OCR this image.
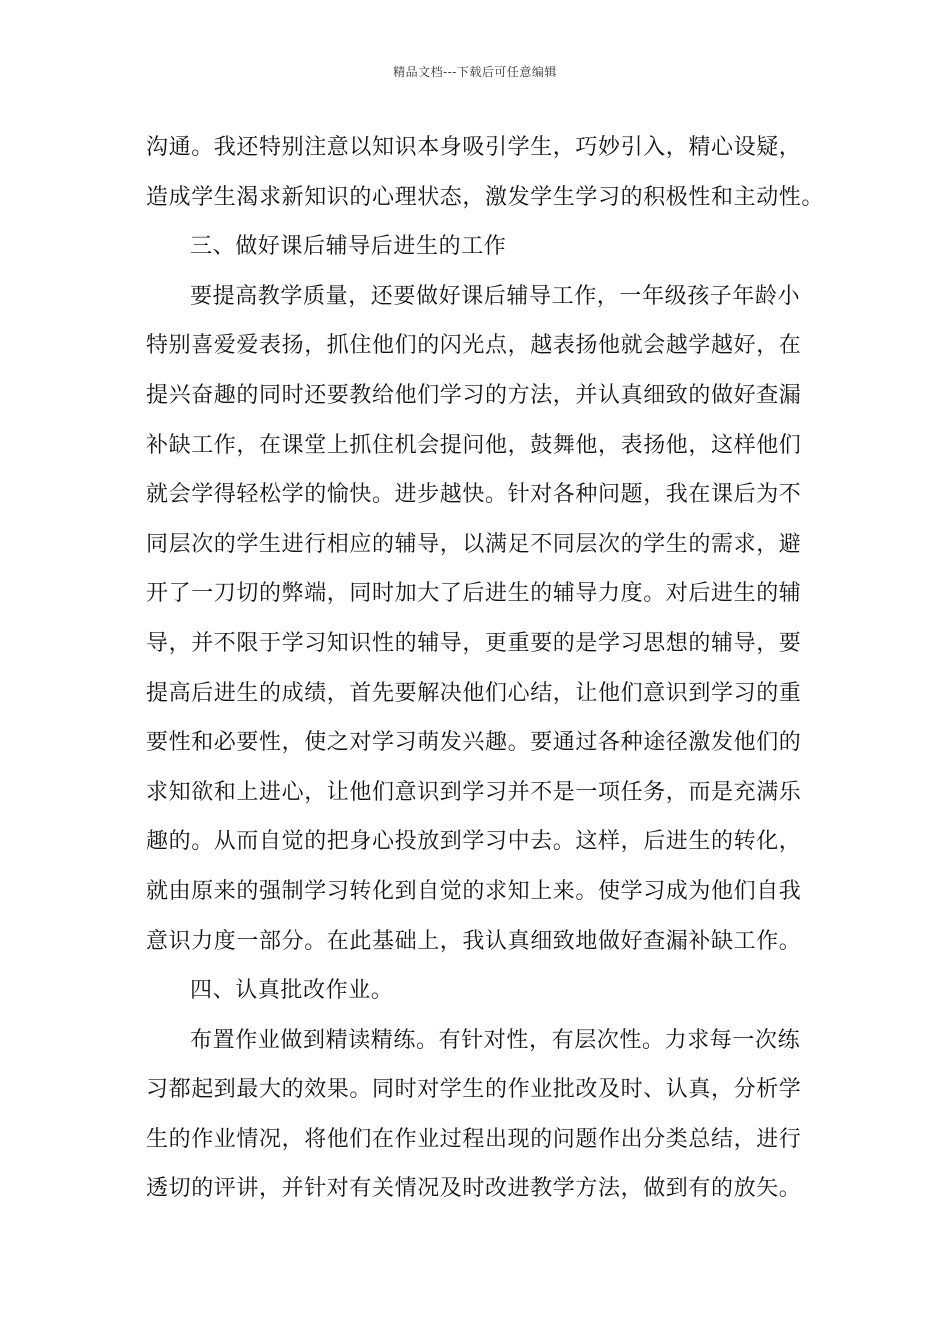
精品文档---下载后可任意编辑
沟通。我还特别注意以知识本身吸引学生，巧妙引入，精心设疑，
造成学生渴求新知识的心理状态，激发学生学习的积极性和主动性。
三、做好课后辅导后进生的工作
要提高教学质量，还要做好课后辅导工作，一年级孩子年龄小
特别喜爱爱表扬，抓住他们的闪光点，越表扬他就会越学越好，在
提兴奋趣的同时还要教给他们学习的方法，并认真细致的做好查漏
补缺工作，在课堂上抓住机会提问他，鼓舞他，表扬他，这样他们
就会学得轻松学的愉快。进步越快。针对各种问题，我在课后为不
同层次的学生进行相应的辅导，以满足不同层次的学生的需求，避
开了一刀切的弊端，同时加大了后进生的辅导力度。对后进生的辅
导，并不限于学习知识性的辅导，更重要的是学习思想的辅导，要
提高后进生的成绩，首先要解决他们心结，让他们意识到学习的重
要性和必要性，使之对学习萌发兴趣。要通过各种途径激发他们的
求知欲和上进心，让他们意识到学习并不是一项任务，而是充满乐
趣的。从而自觉的把身心投放到学习中去。这样，后进生的转化，
就由原来的强制学习转化到自觉的求知上来。使学习成为他们自我
意识力度一部分。在此基础上，我认真细致地做好查漏补缺工作。
四、认真批改作业。
布置作业做到精读精练。有针对性，有层次性。力求每一次练
习都起到最大的效果。同时对学生的作业批改及时、认真，分析学
生的作业情况，将他们在作业过程出现的问题作出分类总结，进行
透切的评讲，并针对有关情况及时改进教学方法，做到有的放矢。
